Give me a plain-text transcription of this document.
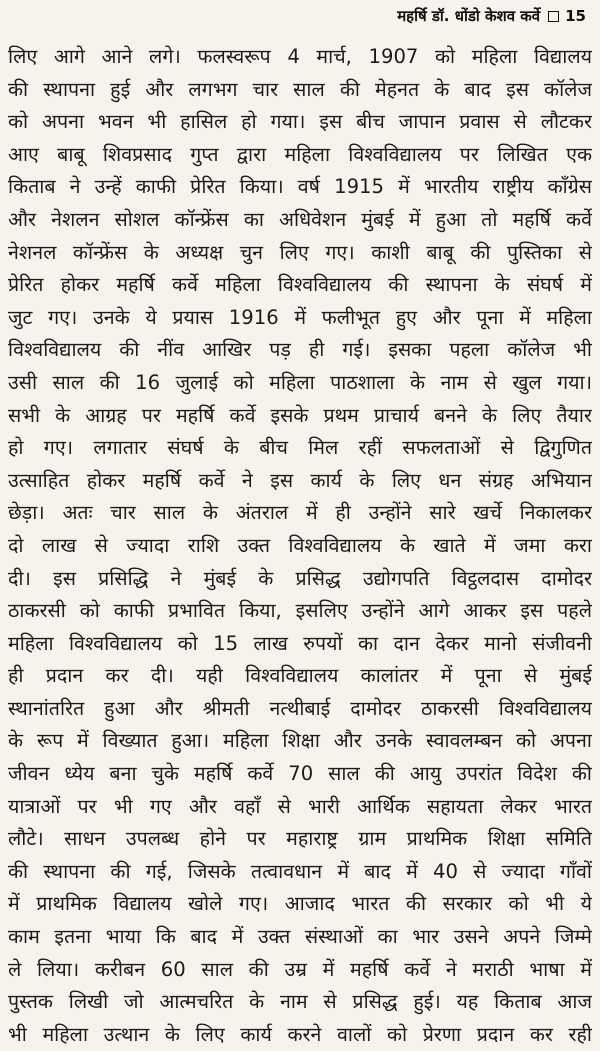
महर्षि डॉ. धोंडो केशव कर्वे 15
लिए आगे आने लगे। फलस्वरूप 4 मार्च, 1907 को महिला विद्यालय
की स्थापना हुई और लगभग चार साल की मेहनत के बाद इस कॉलेज
को अपना भवन भी हासिल हो गया। इस बीच जापान प्रवास से लौटकर
आए बाबू शिवप्रसाद गुप्त द्वारा महिला विश्वविद्यालय पर लिखित एक
किताब ने उन्हें काफी प्रेरित किया। वर्ष 1915 में भारतीय राष्ट्रीय काँग्रेस
और नेशलन सोशल कॉन्फ्रेंस का अधिवेशन मुंबई में हुआ तो महर्षि कर्वे
नेशनल कॉन्फ्रेंस के अध्यक्ष चुन लिए गए। काशी बाबू की पुस्तिका से
प्रेरित होकर महर्षि कर्वे महिला विश्वविद्यालय की स्थापना के संघर्ष में
जुट गए। उनके ये प्रयास 1916 में फलीभूत हुए और पूना में महिला
विश्वविद्यालय की नींव आखिर पड़ ही गई। इसका पहला कॉलेज भी
उसी साल की 16 जुलाई को महिला पाठशाला के नाम से खुल गया।
सभी के आग्रह पर महर्षि कर्वे इसके प्रथम प्राचार्य बनने के लिए तैयार
हो गए। लगातार संघर्ष के बीच मिल रहीं सफलताओं से द्विगुणित
उत्साहित होकर महर्षि कर्वे ने इस कार्य के लिए धन संग्रह अभियान
छेड़ा। अतः चार साल के अंतराल में ही उन्होंने सारे खर्चे निकालकर
दो लाख से ज्यादा राशि उक्त विश्वविद्यालय के खाते में जमा करा
दी। इस प्रसिद्धि ने मुंबई के प्रसिद्ध उद्योगपति विट्ठलदास दामोदर
ठाकरसी को काफी प्रभावित किया, इसलिए उन्होंने आगे आकर इस पहले
महिला विश्वविद्यालय को 15 लाख रुपयों का दान देकर मानो संजीवनी
ही प्रदान कर दी। यही विश्वविद्यालय कालांतर में पूना से मुंबई
स्थानांतरित हुआ और श्रीमती नत्थीबाई दामोदर ठाकरसी विश्वविद्यालय
के रूप में विख्यात हुआ। महिला शिक्षा और उनके स्वावलम्बन को अपना
जीवन ध्येय बना चुके महर्षि कर्वे 70 साल की आयु उपरांत विदेश की
यात्राओं पर भी गए और वहाँ से भारी आर्थिक सहायता लेकर भारत
लौटे। साधन उपलब्ध होने पर महाराष्ट्र ग्राम प्राथमिक शिक्षा समिति
की स्थापना की गई, जिसके तत्वावधान में बाद में 40 से ज्यादा गाँवों
में प्राथमिक विद्यालय खोले गए। आजाद भारत की सरकार को भी ये
काम इतना भाया कि बाद में उक्त संस्थाओं का भार उसने अपने जिम्मे
ले लिया। करीबन 60 साल की उम्र में महर्षि कर्वे ने मराठी भाषा में
पुस्तक लिखी जो आत्मचरित के नाम से प्रसिद्ध हुई। यह किताब आज
भी महिला उत्थान के लिए कार्य करने वालों को प्रेरणा प्रदान कर रही
